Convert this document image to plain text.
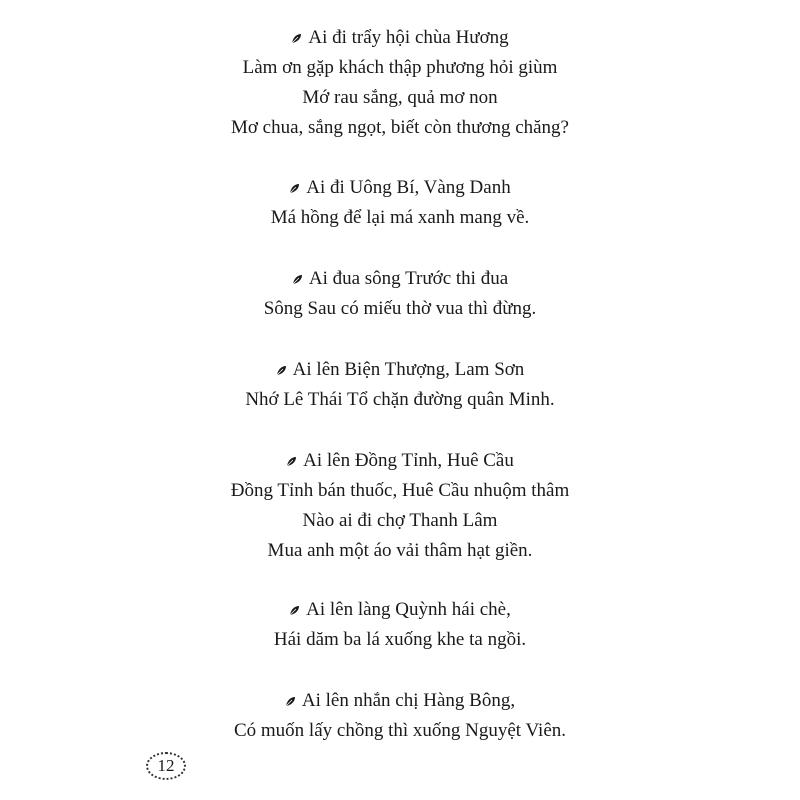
Ai đi trẩy hội chùa Hương
Làm ơn gặp khách thập phương hỏi giùm
Mớ rau sắng, quả mơ non
Mơ chua, sắng ngọt, biết còn thương chăng?
Ai đi Uông Bí, Vàng Danh
Má hồng để lại má xanh mang về.
Ai đua sông Trước thi đua
Sông Sau có miếu thờ vua thì đừng.
Ai lên Biện Thượng, Lam Sơn
Nhớ Lê Thái Tổ chặn đường quân Minh.
Ai lên Đồng Tỉnh, Huê Cầu
Đồng Tỉnh bán thuốc, Huê Cầu nhuộm thâm
Nào ai đi chợ Thanh Lâm
Mua anh một áo vải thâm hạt giền.
Ai lên làng Quỳnh hái chè,
Hái dăm ba lá xuống khe ta ngồi.
Ai lên nhắn chị Hàng Bông,
Có muốn lấy chồng thì xuống Nguyệt Viên.
12
